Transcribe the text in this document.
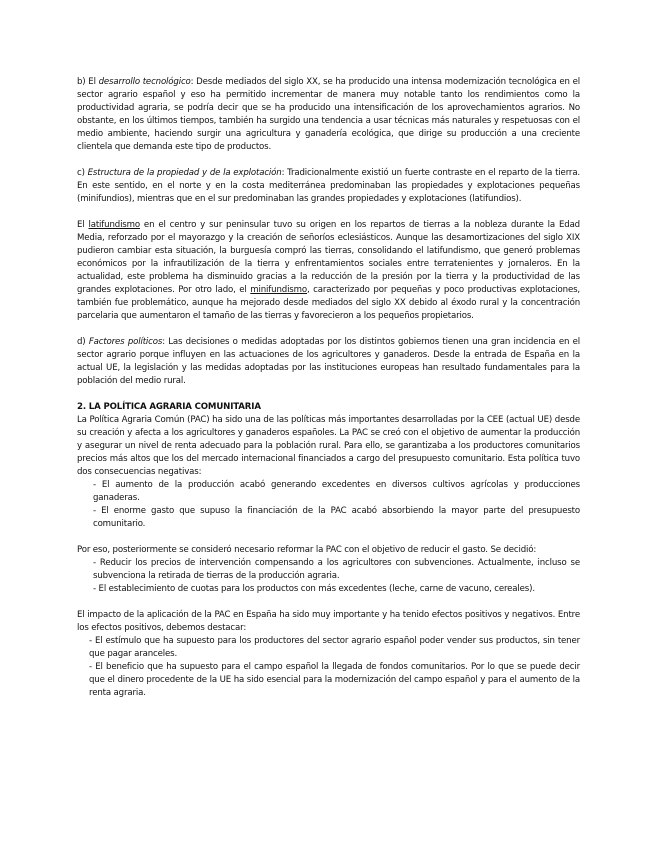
b) El desarrollo tecnológico: Desde mediados del siglo XX, se ha producido una intensa modernización tecnológica en el sector agrario español y eso ha permitido incrementar de manera muy notable tanto los rendimientos como la productividad agraria, se podría decir que se ha producido una intensificación de los aprovechamientos agrarios. No obstante, en los últimos tiempos, también ha surgido una tendencia a usar técnicas más naturales y respetuosas con el medio ambiente, haciendo surgir una agricultura y ganadería ecológica, que dirige su producción a una creciente clientela que demanda este tipo de productos.

c) Estructura de la propiedad y de la explotación: Tradicionalmente existió un fuerte contraste en el reparto de la tierra. En este sentido, en el norte y en la costa mediterránea predominaban las propiedades y explotaciones pequeñas (minifundios), mientras que en el sur predominaban las grandes propiedades y explotaciones (latifundios).

El latifundismo en el centro y sur peninsular tuvo su origen en los repartos de tierras a la nobleza durante la Edad Media, reforzado por el mayorazgo y la creación de señoríos eclesiásticos. Aunque las desamortizaciones del siglo XIX pudieron cambiar esta situación, la burguesía compró las tierras, consolidando el latifundismo, que generó problemas económicos por la infrautilización de la tierra y enfrentamientos sociales entre terratenientes y jornaleros. En la actualidad, este problema ha disminuido gracias a la reducción de la presión por la tierra y la productividad de las grandes explotaciones. Por otro lado, el minifundismo, caracterizado por pequeñas y poco productivas explotaciones, también fue problemático, aunque ha mejorado desde mediados del siglo XX debido al éxodo rural y la concentración parcelaria que aumentaron el tamaño de las tierras y favorecieron a los pequeños propietarios.

d) Factores políticos: Las decisiones o medidas adoptadas por los distintos gobiernos tienen una gran incidencia en el sector agrario porque influyen en las actuaciones de los agricultores y ganaderos. Desde la entrada de España en la actual UE, la legislación y las medidas adoptadas por las instituciones europeas han resultado fundamentales para la población del medio rural.

2. LA POLÍTICA AGRARIA COMUNITARIA

La Política Agraria Común (PAC) ha sido una de las políticas más importantes desarrolladas por la CEE (actual UE) desde su creación y afecta a los agricultores y ganaderos españoles. La PAC se creó con el objetivo de aumentar la producción y asegurar un nivel de renta adecuado para la población rural. Para ello, se garantizaba a los productores comunitarios precios más altos que los del mercado internacional financiados a cargo del presupuesto comunitario. Esta política tuvo dos consecuencias negativas:

- El aumento de la producción acabó generando excedentes en diversos cultivos agrícolas y producciones ganaderas.

- El enorme gasto que supuso la financiación de la PAC acabó absorbiendo la mayor parte del presupuesto comunitario.

Por eso, posteriormente se consideró necesario reformar la PAC con el objetivo de reducir el gasto. Se decidió:

- Reducir los precios de intervención compensando a los agricultores con subvenciones. Actualmente, incluso se subvenciona la retirada de tierras de la producción agraria.

- El establecimiento de cuotas para los productos con más excedentes (leche, carne de vacuno, cereales).

El impacto de la aplicación de la PAC en España ha sido muy importante y ha tenido efectos positivos y negativos. Entre los efectos positivos, debemos destacar:

- El estímulo que ha supuesto para los productores del sector agrario español poder vender sus productos, sin tener que pagar aranceles.

- El beneficio que ha supuesto para el campo español la llegada de fondos comunitarios. Por lo que se puede decir que el dinero procedente de la UE ha sido esencial para la modernización del campo español y para el aumento de la renta agraria.
